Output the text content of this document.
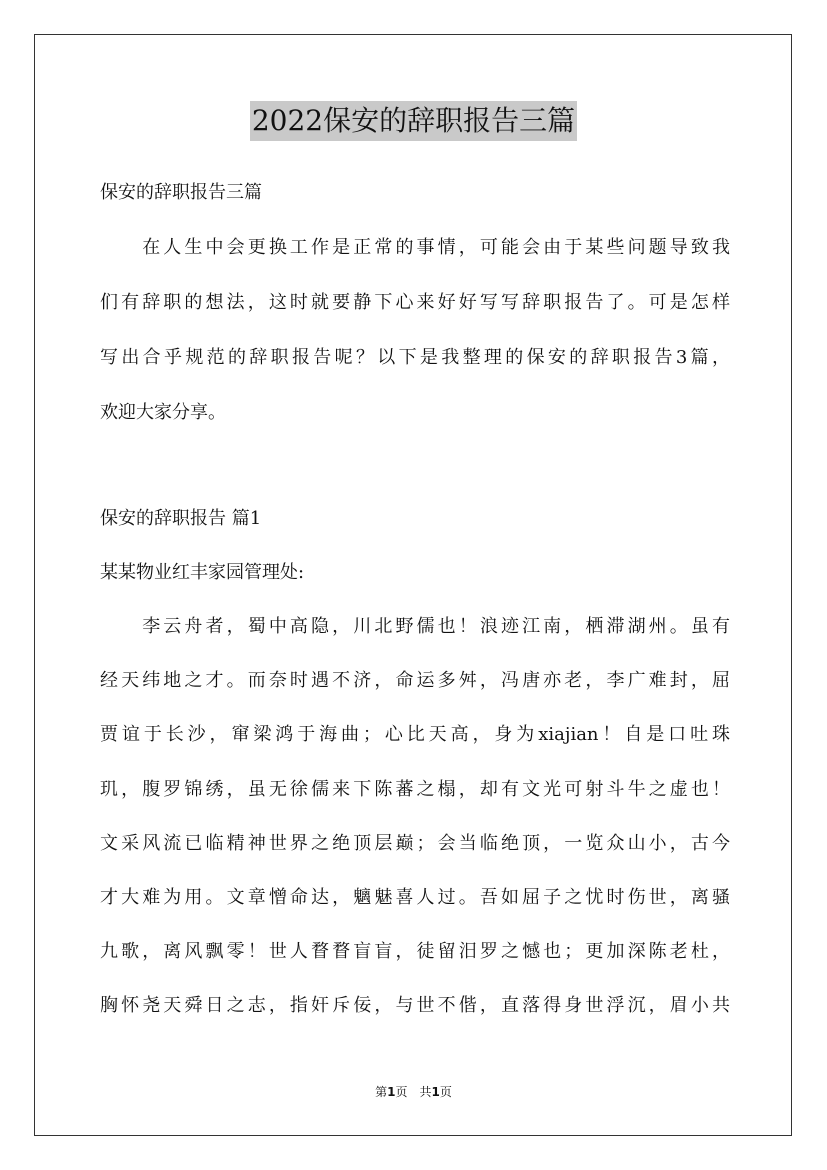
2022保安的辞职报告三篇
保安的辞职报告三篇
　　在人生中会更换工作是正常的事情，可能会由于某些问题导致我
们有辞职的想法，这时就要静下心来好好写写辞职报告了。可是怎样
写出合乎规范的辞职报告呢？以下是我整理的保安的辞职报告3篇，
欢迎大家分享。
保安的辞职报告 篇1
某某物业红丰家园管理处:
　　李云舟者，蜀中高隐，川北野儒也！浪迹江南，栖滞湖州。虽有
经天纬地之才。而奈时遇不济，命运多舛，冯唐亦老，李广难封，屈
贾谊于长沙，窜梁鸿于海曲；心比天高，身为xiajian！自是口吐珠
玑，腹罗锦绣，虽无徐儒来下陈蕃之榻，却有文光可射斗牛之虚也！
文采风流已临精神世界之绝顶层巅；会当临绝顶，一览众山小，古今
才大难为用。文章憎命达，魑魅喜人过。吾如屈子之忧时伤世，离骚
九歌，离风飘零！世人瞀瞀盲盲，徒留汨罗之憾也；更加深陈老杜，
胸怀尧天舜日之志，指奸斥佞，与世不偕，直落得身世浮沉，眉小共
第1页　共1页
